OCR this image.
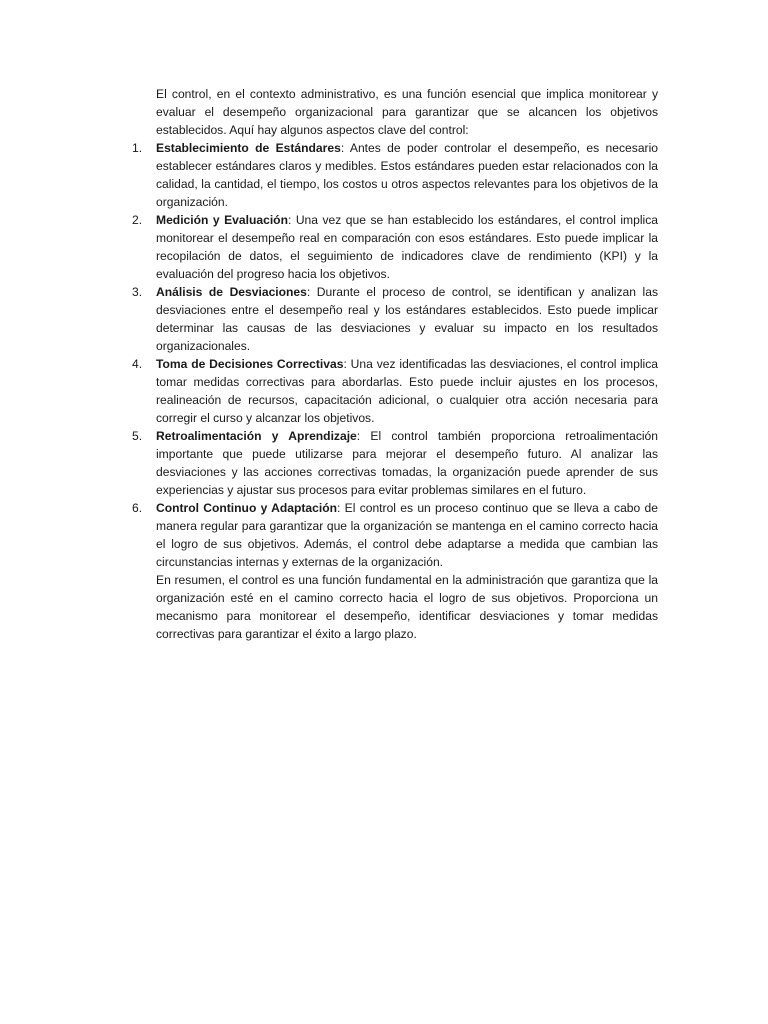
El control, en el contexto administrativo, es una función esencial que implica monitorear y evaluar el desempeño organizacional para garantizar que se alcancen los objetivos establecidos. Aquí hay algunos aspectos clave del control:

1.	Establecimiento de Estándares: Antes de poder controlar el desempeño, es necesario establecer estándares claros y medibles. Estos estándares pueden estar relacionados con la calidad, la cantidad, el tiempo, los costos u otros aspectos relevantes para los objetivos de la organización.
2.	Medición y Evaluación: Una vez que se han establecido los estándares, el control implica monitorear el desempeño real en comparación con esos estándares. Esto puede implicar la recopilación de datos, el seguimiento de indicadores clave de rendimiento (KPI) y la evaluación del progreso hacia los objetivos.
3.	Análisis de Desviaciones: Durante el proceso de control, se identifican y analizan las desviaciones entre el desempeño real y los estándares establecidos. Esto puede implicar determinar las causas de las desviaciones y evaluar su impacto en los resultados organizacionales.
4.	Toma de Decisiones Correctivas: Una vez identificadas las desviaciones, el control implica tomar medidas correctivas para abordarlas. Esto puede incluir ajustes en los procesos, realineación de recursos, capacitación adicional, o cualquier otra acción necesaria para corregir el curso y alcanzar los objetivos.
5.	Retroalimentación y Aprendizaje: El control también proporciona retroalimentación importante que puede utilizarse para mejorar el desempeño futuro. Al analizar las desviaciones y las acciones correctivas tomadas, la organización puede aprender de sus experiencias y ajustar sus procesos para evitar problemas similares en el futuro.
6.	Control Continuo y Adaptación: El control es un proceso continuo que se lleva a cabo de manera regular para garantizar que la organización se mantenga en el camino correcto hacia el logro de sus objetivos. Además, el control debe adaptarse a medida que cambian las circunstancias internas y externas de la organización.

En resumen, el control es una función fundamental en la administración que garantiza que la organización esté en el camino correcto hacia el logro de sus objetivos. Proporciona un mecanismo para monitorear el desempeño, identificar desviaciones y tomar medidas correctivas para garantizar el éxito a largo plazo.
